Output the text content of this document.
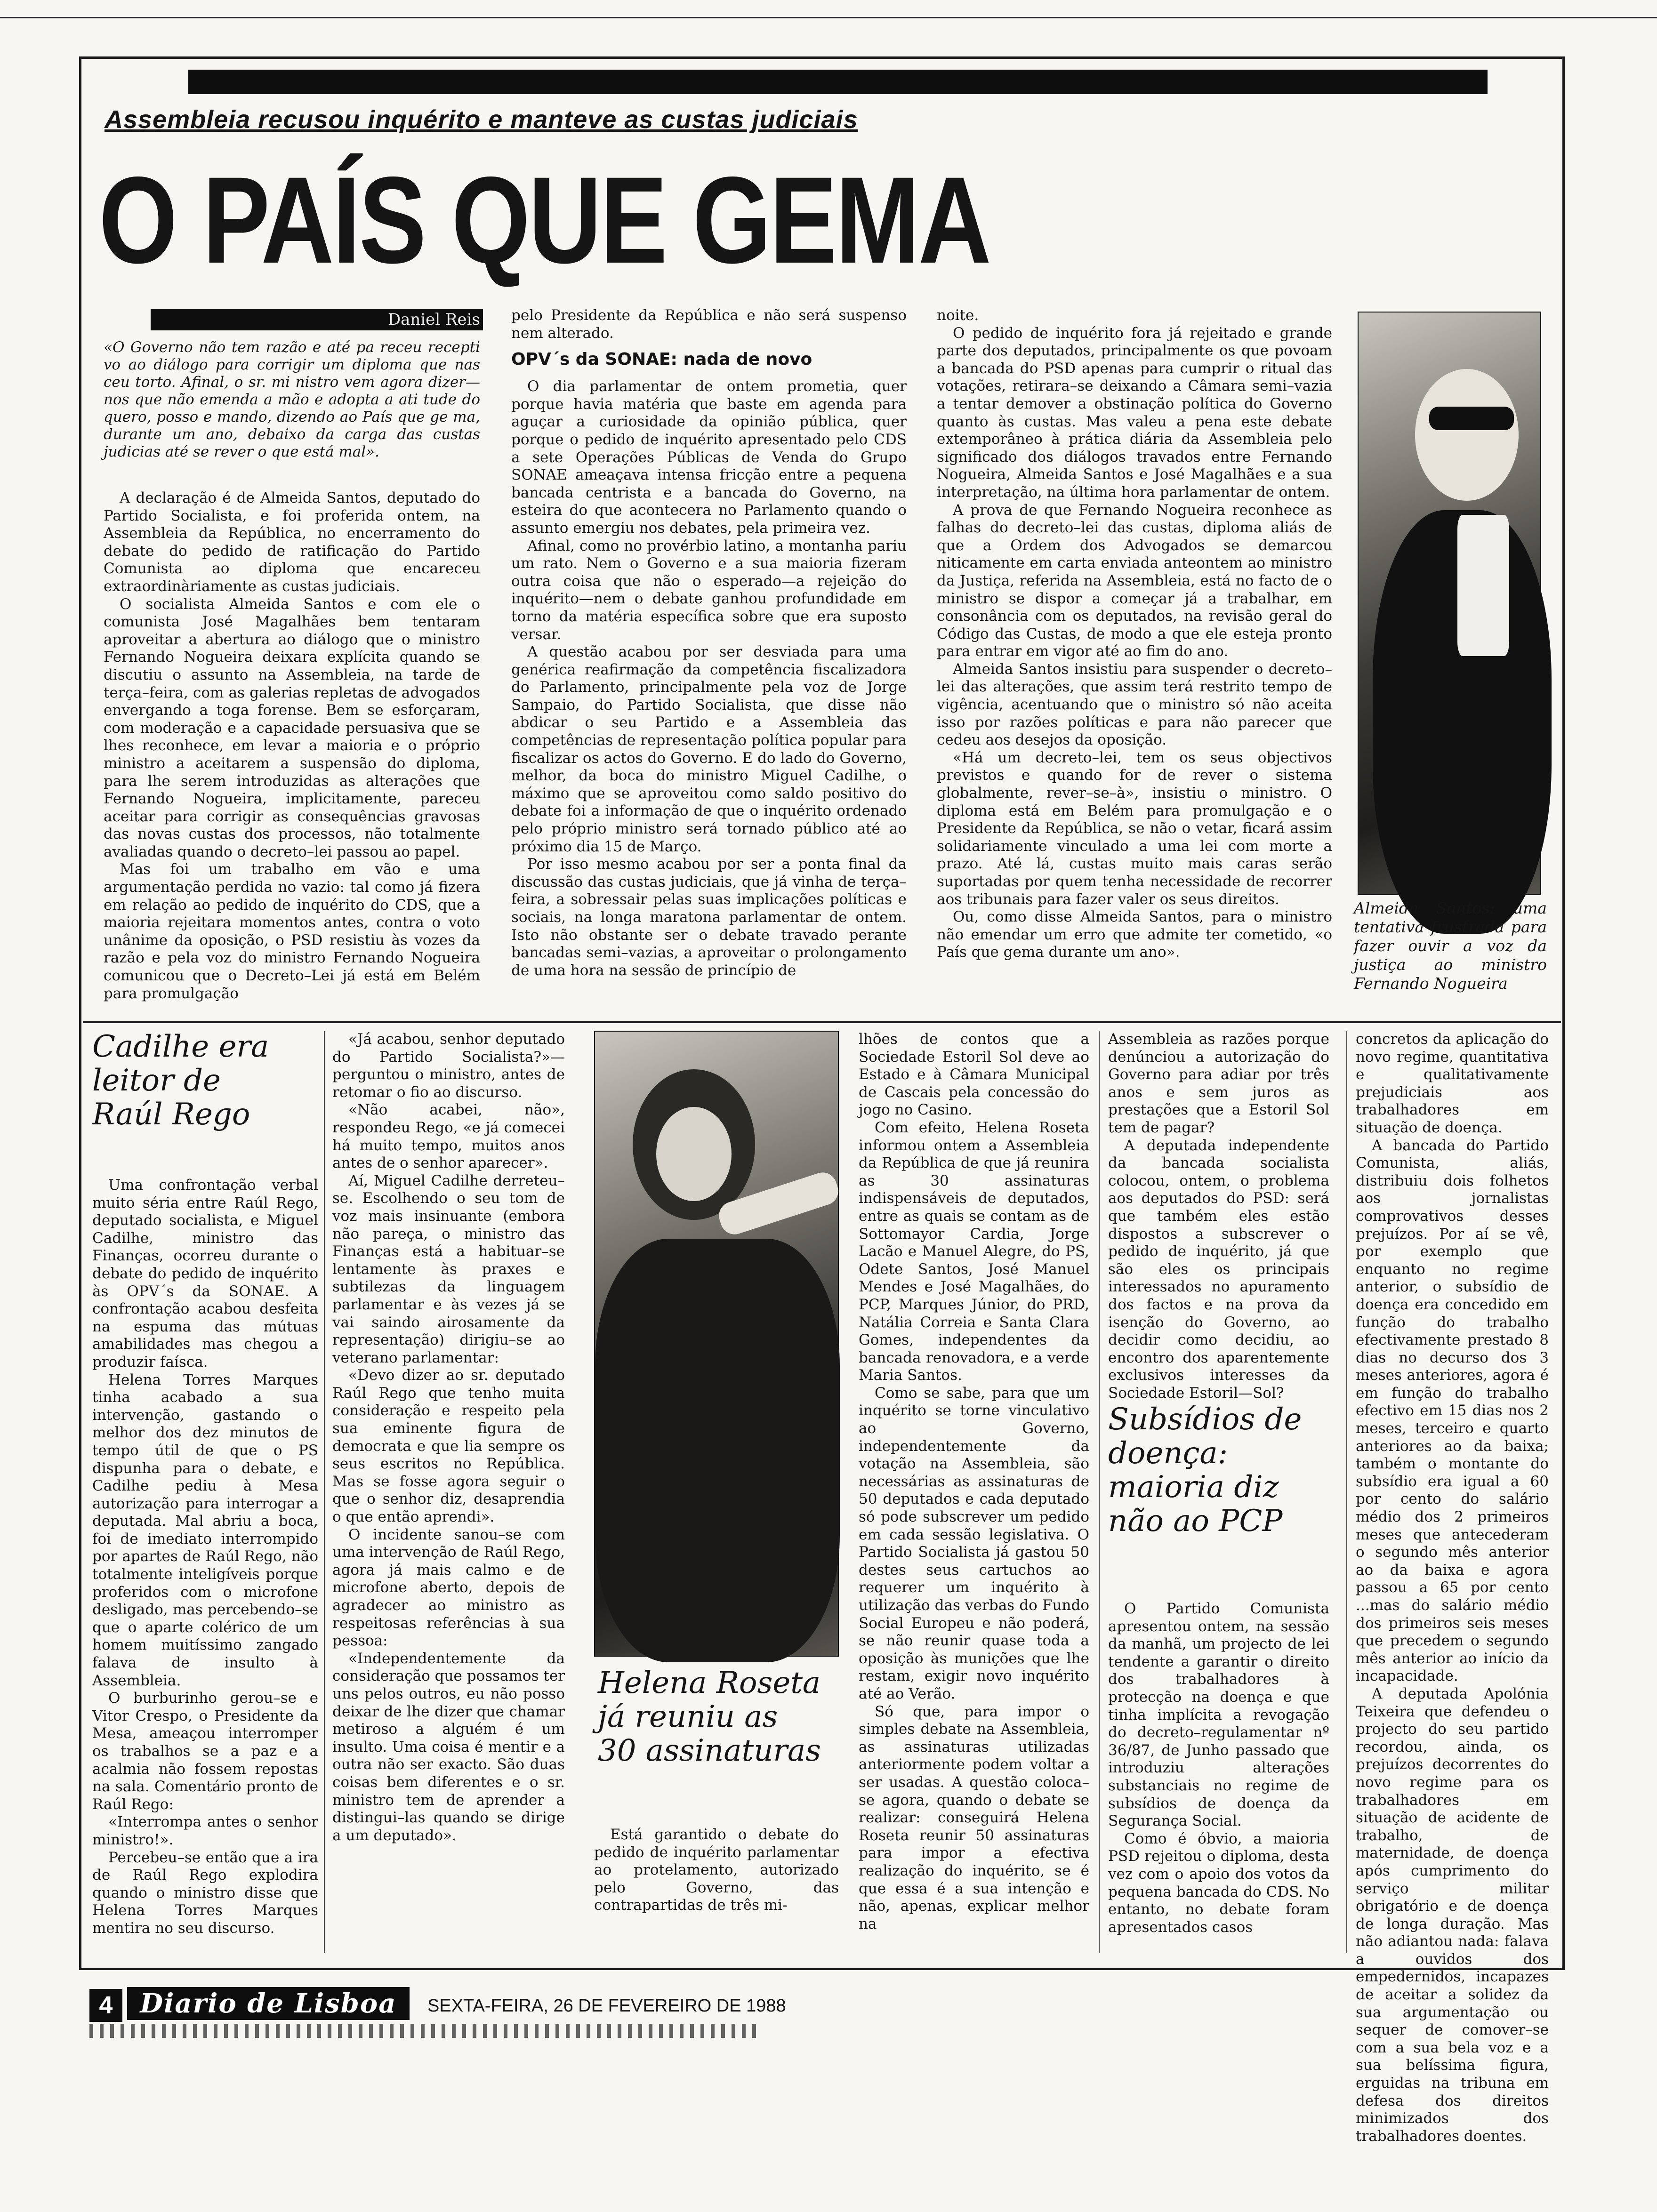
Assembleia recusou inquérito e manteve as custas judiciais
O PAÍS QUE GEMA
Daniel Reis
«O Governo não tem razão e até pa receu recepti vo ao diálogo para corrigir um diploma que nas ceu torto. Afinal, o sr. mi nistro vem agora dizer—nos que não emenda a mão e adopta a ati tude do quero, posso e mando, dizendo ao País que ge ma, durante um ano, debaixo da carga das custas judicias até se rever o que está mal».

A declaração é de Almeida Santos, deputado do Partido Socialista, e foi proferida ontem, na Assembleia da República, no encerramento do debate do pedido de ratificação do Partido Comunista ao diploma que encareceu extraordinàriamente as custas judiciais.

O socialista Almeida Santos e com ele o comunista José Magalhães bem tentaram aproveitar a abertura ao diálogo que o ministro Fernando Nogueira deixara explícita quando se discutiu o assunto na Assembleia, na tarde de terça–feira, com as galerias repletas de advogados envergando a toga forense. Bem se esforçaram, com moderação e a capacidade persuasiva que se lhes reconhece, em levar a maioria e o próprio ministro a aceitarem a suspensão do diploma, para lhe serem introduzidas as alterações que Fernando Nogueira, implicitamente, pareceu aceitar para corrigir as consequências gravosas das novas custas dos processos, não totalmente avaliadas quando o decreto–lei passou ao papel.

Mas foi um trabalho em vão e uma argumentação perdida no vazio: tal como já fizera em relação ao pedido de inquérito do CDS, que a maioria rejeitara momentos antes, contra o voto unânime da oposição, o PSD resistiu às vozes da razão e pela voz do ministro Fernando Nogueira comunicou que o Decreto–Lei já está em Belém para promulgação

pelo Presidente da República e não será suspenso nem alterado.

OPV´s da SONAE: nada de novo

O dia parlamentar de ontem prometia, quer porque havia matéria que baste em agenda para aguçar a curiosidade da opinião pública, quer porque o pedido de inquérito apresentado pelo CDS a sete Operações Públicas de Venda do Grupo SONAE ameaçava intensa fricção entre a pequena bancada centrista e a bancada do Governo, na esteira do que acontecera no Parlamento quando o assunto emergiu nos debates, pela primeira vez.

Afinal, como no provérbio latino, a montanha pariu um rato. Nem o Governo e a sua maioria fizeram outra coisa que não o esperado—a rejeição do inquérito—nem o debate ganhou profundidade em torno da matéria específica sobre que era suposto versar.

A questão acabou por ser desviada para uma genérica reafirmação da competência fiscalizadora do Parlamento, principalmente pela voz de Jorge Sampaio, do Partido Socialista, que disse não abdicar o seu Partido e a Assembleia das competências de representação política popular para fiscalizar os actos do Governo. E do lado do Governo, melhor, da boca do ministro Miguel Cadilhe, o máximo que se aproveitou como saldo positivo do debate foi a informação de que o inquérito ordenado pelo próprio ministro será tornado público até ao próximo dia 15 de Março.

Por isso mesmo acabou por ser a ponta final da discussão das custas judiciais, que já vinha de terça–feira, a sobressair pelas suas implicações políticas e sociais, na longa maratona parlamentar de ontem. Isto não obstante ser o debate travado perante bancadas semi–vazias, a aproveitar o prolongamento de uma hora na sessão de princípio de

noite.

O pedido de inquérito fora já rejeitado e grande parte dos deputados, principalmente os que povoam a bancada do PSD apenas para cumprir o ritual das votações, retirara–se deixando a Câmara semi–vazia a tentar demover a obstinação política do Governo quanto às custas. Mas valeu a pena este debate extemporâneo à prática diária da Assembleia pelo significado dos diálogos travados entre Fernando Nogueira, Almeida Santos e José Magalhães e a sua interpretação, na última hora parlamentar de ontem.

A prova de que Fernando Nogueira reconhece as falhas do decreto–lei das custas, diploma aliás de que a Ordem dos Advogados se demarcou niticamente em carta enviada anteontem ao ministro da Justiça, referida na Assembleia, está no facto de o ministro se dispor a começar já a trabalhar, em consonância com os deputados, na revisão geral do Código das Custas, de modo a que ele esteja pronto para entrar em vigor até ao fim do ano.

Almeida Santos insistiu para suspender o decreto–lei das alterações, que assim terá restrito tempo de vigência, acentuando que o ministro só não aceita isso por razões políticas e para não parecer que cedeu aos desejos da oposição.

«Há um decreto–lei, tem os seus objectivos previstos e quando for de rever o sistema globalmente, rever–se–à», insistiu o ministro. O diploma está em Belém para promulgação e o Presidente da República, se não o vetar, ficará assim solidariamente vinculado a uma lei com morte a prazo. Até lá, custas muito mais caras serão suportadas por quem tenha necessidade de recorrer aos tribunais para fazer valer os seus direitos.

Ou, como disse Almeida Santos, para o ministro não emendar um erro que admite ter cometido, «o País que gema durante um ano».

Almeida Santos: uma tentativa frustrada para fazer ouvir a voz da justiça ao ministro Fernando Nogueira
Cadilhe era leitor de Raúl Rego

Uma confrontação verbal muito séria entre Raúl Rego, deputado socialista, e Miguel Cadilhe, ministro das Finanças, ocorreu durante o debate do pedido de inquérito às OPV´s da SONAE. A confrontação acabou desfeita na espuma das mútuas amabilidades mas chegou a produzir faísca.

Helena Torres Marques tinha acabado a sua intervenção, gastando o melhor dos dez minutos de tempo útil de que o PS dispunha para o debate, e Cadilhe pediu à Mesa autorização para interrogar a deputada. Mal abriu a boca, foi de imediato interrompido por apartes de Raúl Rego, não totalmente inteligíveis porque proferidos com o microfone desligado, mas percebendo–se que o aparte colérico de um homem muitíssimo zangado falava de insulto à Assembleia.

O burburinho gerou–se e Vitor Crespo, o Presidente da Mesa, ameaçou interromper os trabalhos se a paz e a acalmia não fossem repostas na sala. Comentário pronto de Raúl Rego:

«Interrompa antes o senhor ministro!».

Percebeu–se então que a ira de Raúl Rego explodira quando o ministro disse que Helena Torres Marques mentira no seu discurso.

«Já acabou, senhor deputado do Partido Socialista?»—perguntou o ministro, antes de retomar o fio ao discurso.

«Não acabei, não», respondeu Rego, «e já comecei há muito tempo, muitos anos antes de o senhor aparecer».

Aí, Miguel Cadilhe derreteu–se. Escolhendo o seu tom de voz mais insinuante (embora não pareça, o ministro das Finanças está a habituar–se lentamente às praxes e subtilezas da linguagem parlamentar e às vezes já se vai saindo airosamente da representação) dirigiu–se ao veterano parlamentar:

«Devo dizer ao sr. deputado Raúl Rego que tenho muita consideração e respeito pela sua eminente figura de democrata e que lia sempre os seus escritos no República. Mas se fosse agora seguir o que o senhor diz, desaprendia o que então aprendi».

O incidente sanou–se com uma intervenção de Raúl Rego, agora já mais calmo e de microfone aberto, depois de agradecer ao ministro as respeitosas referências à sua pessoa:

«Independentemente da consideração que possamos ter uns pelos outros, eu não posso deixar de lhe dizer que chamar metiroso a alguém é um insulto. Uma coisa é mentir e a outra não ser exacto. São duas coisas bem diferentes e o sr. ministro tem de aprender a distingui–las quando se dirige a um deputado».

Helena Roseta já reuniu as 30 assinaturas

Está garantido o debate do pedido de inquérito parlamentar ao protelamento, autorizado pelo Governo, das contrapartidas de três mi-

lhões de contos que a Sociedade Estoril Sol deve ao Estado e à Câmara Municipal de Cascais pela concessão do jogo no Casino.

Com efeito, Helena Roseta informou ontem a Assembleia da República de que já reunira as 30 assinaturas indispensáveis de deputados, entre as quais se contam as de Sottomayor Cardia, Jorge Lacão e Manuel Alegre, do PS, Odete Santos, José Manuel Mendes e José Magalhães, do PCP, Marques Júnior, do PRD, Natália Correia e Santa Clara Gomes, independentes da bancada renovadora, e a verde Maria Santos.

Como se sabe, para que um inquérito se torne vinculativo ao Governo, independentemente da votação na Assembleia, são necessárias as assinaturas de 50 deputados e cada deputado só pode subscrever um pedido em cada sessão legislativa. O Partido Socialista já gastou 50 destes seus cartuchos ao requerer um inquérito à utilização das verbas do Fundo Social Europeu e não poderá, se não reunir quase toda a oposição às munições que lhe restam, exigir novo inquérito até ao Verão.

Só que, para impor o simples debate na Assembleia, as assinaturas utilizadas anteriormente podem voltar a ser usadas. A questão coloca–se agora, quando o debate se realizar: conseguirá Helena Roseta reunir 50 assinaturas para impor a efectiva realização do inquérito, se é que essa é a sua intenção e não, apenas, explicar melhor na

Assembleia as razões porque denúnciou a autorização do Governo para adiar por três anos e sem juros as prestações que a Estoril Sol tem de pagar?

A deputada independente da bancada socialista colocou, ontem, o problema aos deputados do PSD: será que também eles estão dispostos a subscrever o pedido de inquérito, já que são eles os principais interessados no apuramento dos factos e na prova da isenção do Governo, ao decidir como decidiu, ao encontro dos aparentemente exclusivos interesses da Sociedade Estoril—Sol?

Subsídios de doença: maioria diz não ao PCP

O Partido Comunista apresentou ontem, na sessão da manhã, um projecto de lei tendente a garantir o direito dos trabalhadores à protecção na doença e que tinha implícita a revogação do decreto–regulamentar nº 36/87, de Junho passado que introduziu alterações substanciais no regime de subsídios de doença da Segurança Social.

Como é óbvio, a maioria PSD rejeitou o diploma, desta vez com o apoio dos votos da pequena bancada do CDS. No entanto, no debate foram apresentados casos

concretos da aplicação do novo regime, quantitativa e qualitativamente prejudiciais aos trabalhadores em situação de doença.

A bancada do Partido Comunista, aliás, distribuiu dois folhetos aos jornalistas comprovativos desses prejuízos. Por aí se vê, por exemplo que enquanto no regime anterior, o subsídio de doença era concedido em função do trabalho efectivamente prestado 8 dias no decurso dos 3 meses anteriores, agora é em função do trabalho efectivo em 15 dias nos 2 meses, terceiro e quarto anteriores ao da baixa; também o montante do subsídio era igual a 60 por cento do salário médio dos 2 primeiros meses que antecederam o segundo mês anterior ao da baixa e agora passou a 65 por cento ...mas do salário médio dos primeiros seis meses que precedem o segundo mês anterior ao início da incapacidade.

A deputada Apolónia Teixeira que defendeu o projecto do seu partido recordou, ainda, os prejuízos decorrentes do novo regime para os trabalhadores em situação de acidente de trabalho, de maternidade, de doença após cumprimento do serviço militar obrigatório e de doença de longa duração. Mas não adiantou nada: falava a ouvidos dos empedernidos, incapazes de aceitar a solidez da sua argumentação ou sequer de comover–se com a sua bela voz e a sua belíssima figura, erguidas na tribuna em defesa dos direitos minimizados dos trabalhadores doentes.

4	Diario de Lisboa	SEXTA-FEIRA, 26 DE FEVEREIRO DE 1988
